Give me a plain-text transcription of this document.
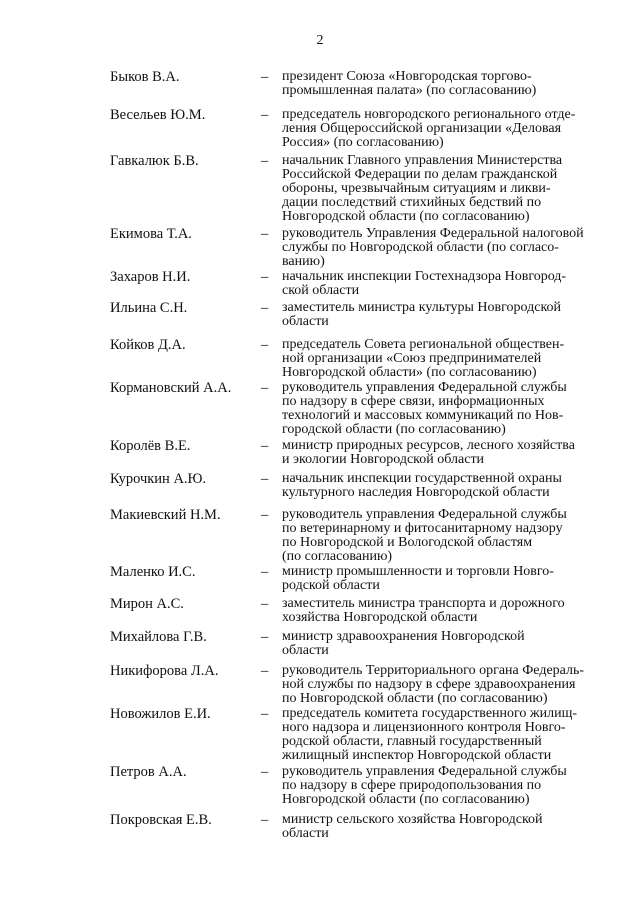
2
Быков В.А.	– президент Союза «Новгородская торгово-
промышленная палата» (по согласованию)
Весельев Ю.М.	– председатель новгородского регионального отде-
ления Общероссийской организации «Деловая
Россия» (по согласованию)
Гавкалюк Б.В.	– начальник Главного управления Министерства
Российской Федерации по делам гражданской
обороны, чрезвычайным ситуациям и ликви-
дации последствий стихийных бедствий по
Новгородской области (по согласованию)
Екимова Т.А.	– руководитель Управления Федеральной налоговой
службы по Новгородской области (по согласо-
ванию)
Захаров Н.И.	– начальник инспекции Гостехнадзора Новгород-
ской области
Ильина С.Н.	– заместитель министра культуры Новгородской
области
Койков Д.А.	– председатель Совета региональной обществен-
ной организации «Союз предпринимателей
Новгородской области» (по согласованию)
Кормановский А.А. – руководитель управления Федеральной службы
по надзору в сфере связи, информационных
технологий и массовых коммуникаций по Нов-
городской области (по согласованию)
Королёв В.Е.	– министр природных ресурсов, лесного хозяйства
и экологии Новгородской области
Курочкин А.Ю.	– начальник инспекции государственной охраны
культурного наследия Новгородской области
Макиевский Н.М.	– руководитель управления Федеральной службы
по ветеринарному и фитосанитарному надзору
по Новгородской и Вологодской областям
(по согласованию)
Маленко И.С.	– министр промышленности и торговли Новго-
родской области
Мирон А.С.	– заместитель министра транспорта и дорожного
хозяйства Новгородской области
Михайлова Г.В.	– министр здравоохранения Новгородской
области
Никифорова Л.А.	– руководитель Территориального органа Федераль-
ной службы по надзору в сфере здравоохранения
по Новгородской области (по согласованию)
Новожилов Е.И.	– председатель комитета государственного жилищ-
ного надзора и лицензионного контроля Новго-
родской области, главный государственный
жилищный инспектор Новгородской области
Петров А.А.	– руководитель управления Федеральной службы
по надзору в сфере природопользования по
Новгородской области (по согласованию)
Покровская Е.В.	– министр сельского хозяйства Новгородской
области
